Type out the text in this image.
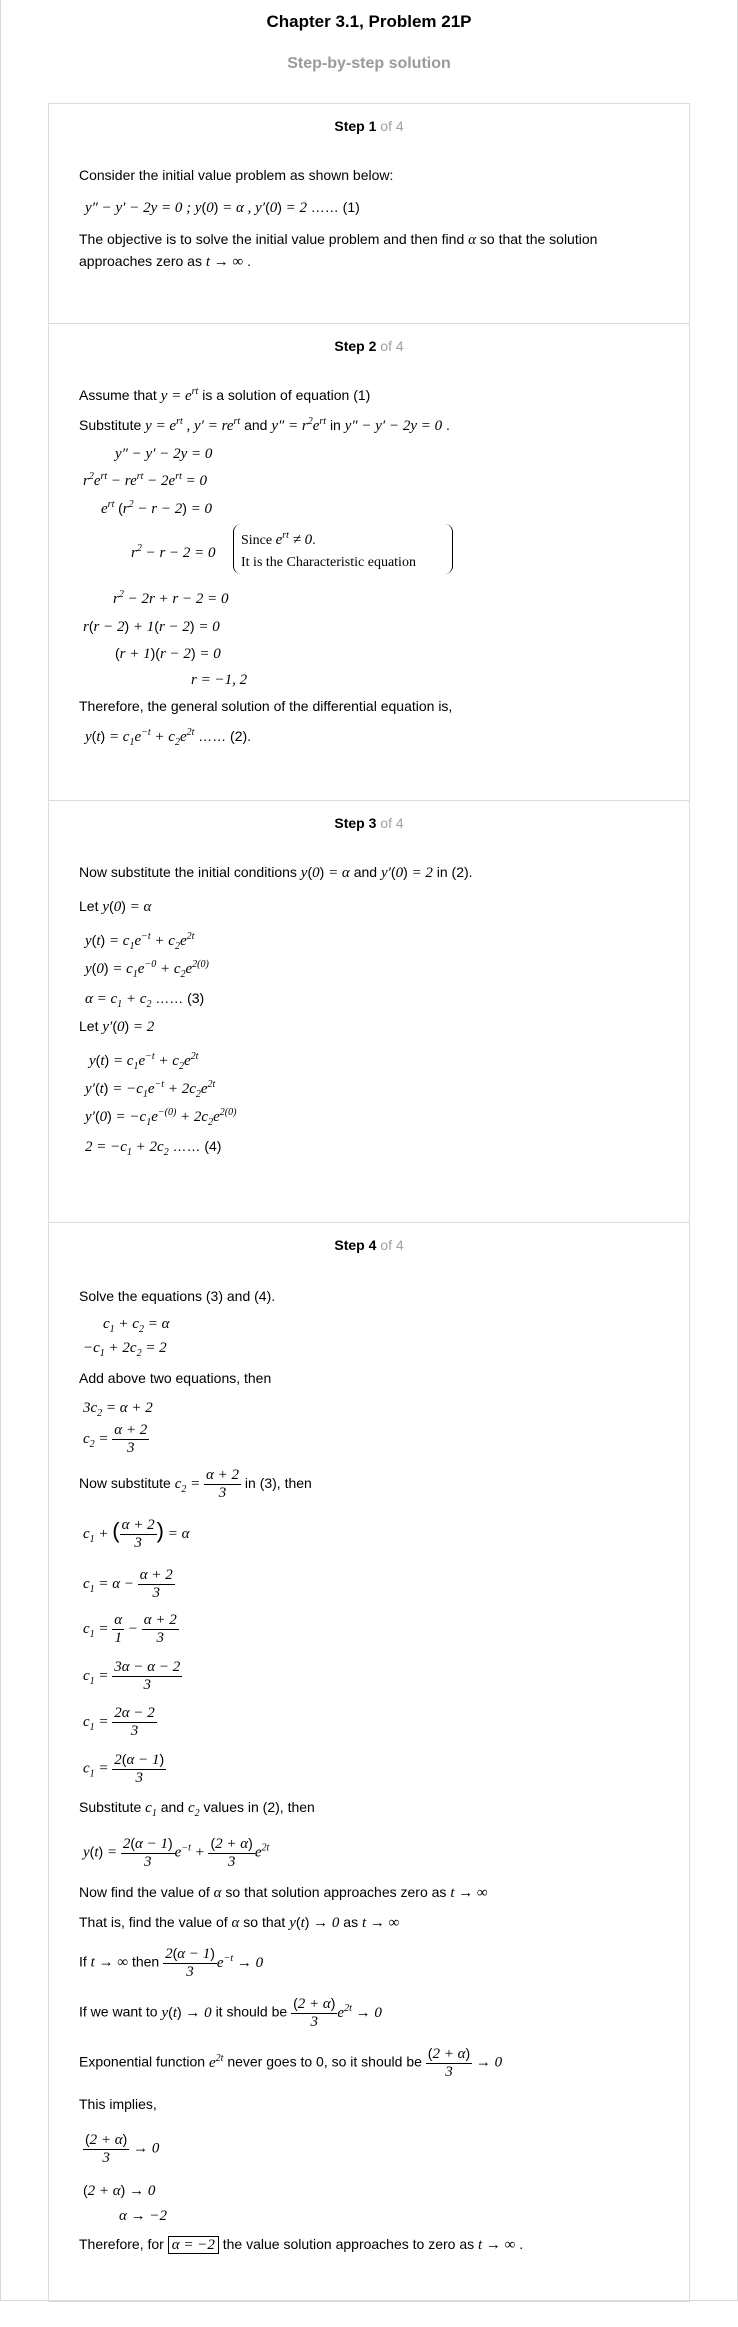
Chapter 3.1, Problem 21P
Step-by-step solution
Step 1 of 4
Consider the initial value problem as shown below:
y″ − y′ − 2y = 0 ; y(0) = α , y′(0) = 2 …… (1)
The objective is to solve the initial value problem and then find α so that the solution
approaches zero as t → ∞ .
Step 2 of 4
Assume that $y = e^{rt}$ is a solution of equation (1)
Substitute $y = e^{rt}$ , $y' = re^{rt}$ and $y'' = r^2e^{rt}$ in y″ − y′ − 2y = 0 .
y″ − y′ − 2y = 0
$r^2e^{rt} - re^{rt} - 2e^{rt} = 0$
$e^{rt}$ $(r^2 - r - 2) = 0$
$r^2 - r - 2 = 0$
Since $e^{rt} \ne 0$.
It is the Characteristic equation
$r^2 - 2r + r - 2 = 0$
r(r − 2) + 1(r − 2) = 0
(r + 1)(r − 2) = 0
r = −1, 2
Therefore, the general solution of the differential equation is,
$y(t) = c_1e^{-t} + c_2e^{2t}$ …… (2).
Step 3 of 4
Now substitute the initial conditions y(0) = α and y′(0) = 2 in (2).
Let y(0) = α
$y(t) = c_1e^{-t} + c_2e^{2t}$
$y(0) = c_1e^{-0} + c_2e^{2(0)}$
$\alpha = c_1 + c_2$ …… (3)
Let y′(0) = 2
$y(t) = c_1e^{-t} + c_2e^{2t}$
$y'(t) = -c_1e^{-t} + 2c_2e^{2t}$
$y'(0) = -c_1e^{-(0)} + 2c_2e^{2(0)}$
$2 = -c_1 + 2c_2$ …… (4)
Step 4 of 4
Solve the equations (3) and (4).
$c_1 + c_2 = \alpha$
$-c_1 + 2c_2 = 2$
Add above two equations, then
$3c_2 = \alpha + 2$
$c_2 = \frac{\alpha + 2}{3}$
Now substitute $c_2 = \frac{\alpha + 2}{3}$ in (3), then
$c_1$ + ( $\frac{\alpha + 2}{3}$ ) = α
$c_1 = \alpha - \frac{\alpha + 2}{3}$
$c_1 = \frac{\alpha}{1} - \frac{\alpha + 2}{3}$
$c_1 = \frac{3\alpha - \alpha - 2}{3}$
$c_1 = \frac{2\alpha - 2}{3}$
$c_1 = \frac{2(\alpha - 1)}{3}$
Substitute $c_1$ and $c_2$ values in (2), then
$y(t) = \frac{2(\alpha - 1)}{3} e^{-t} + \frac{(2 + \alpha)}{3} e^{2t}$
Now find the value of α so that solution approaches zero as t → ∞
That is, find the value of α so that y(t) → 0 as t → ∞
If t → ∞ then $\frac{2(\alpha - 1)}{3} e^{-t} \to 0$
If we want to y(t) → 0 it should be $\frac{(2 + \alpha)}{3} e^{2t} \to 0$
Exponential function $e^{2t}$ never goes to 0, so it should be $\frac{(2 + \alpha)}{3} \to 0$
This implies,
$\frac{(2 + \alpha)}{3} \to 0$
(2 + α) → 0
α → −2
Therefore, for α = −2 the value solution approaches to zero as t → ∞ .
